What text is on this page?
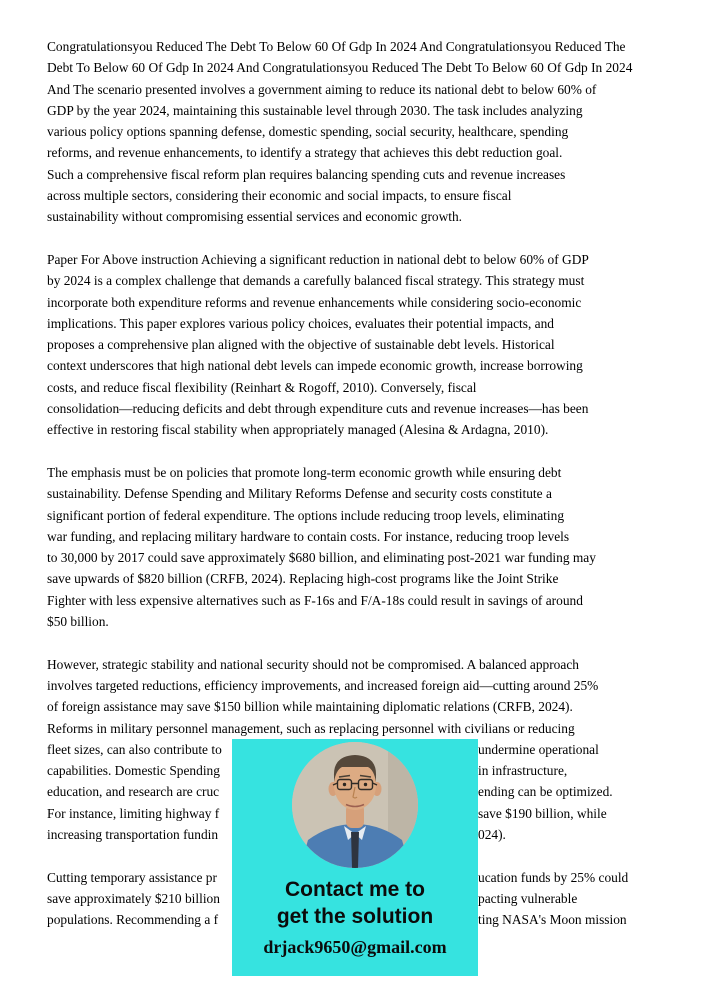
Congratulationsyou Reduced The Debt To Below 60 Of Gdp In 2024 And Congratulationsyou Reduced The
Debt To Below 60 Of Gdp In 2024 And Congratulationsyou Reduced The Debt To Below 60 Of Gdp In 2024
And The scenario presented involves a government aiming to reduce its national debt to below 60% of
GDP by the year 2024, maintaining this sustainable level through 2030. The task includes analyzing
various policy options spanning defense, domestic spending, social security, healthcare, spending
reforms, and revenue enhancements, to identify a strategy that achieves this debt reduction goal.
Such a comprehensive fiscal reform plan requires balancing spending cuts and revenue increases
across multiple sectors, considering their economic and social impacts, to ensure fiscal
sustainability without compromising essential services and economic growth.
Paper For Above instruction Achieving a significant reduction in national debt to below 60% of GDP
by 2024 is a complex challenge that demands a carefully balanced fiscal strategy. This strategy must
incorporate both expenditure reforms and revenue enhancements while considering socio-economic
implications. This paper explores various policy choices, evaluates their potential impacts, and
proposes a comprehensive plan aligned with the objective of sustainable debt levels. Historical
context underscores that high national debt levels can impede economic growth, increase borrowing
costs, and reduce fiscal flexibility (Reinhart & Rogoff, 2010). Conversely, fiscal
consolidation—reducing deficits and debt through expenditure cuts and revenue increases—has been
effective in restoring fiscal stability when appropriately managed (Alesina & Ardagna, 2010).
The emphasis must be on policies that promote long-term economic growth while ensuring debt
sustainability. Defense Spending and Military Reforms Defense and security costs constitute a
significant portion of federal expenditure. The options include reducing troop levels, eliminating
war funding, and replacing military hardware to contain costs. For instance, reducing troop levels
to 30,000 by 2017 could save approximately $680 billion, and eliminating post-2021 war funding may
save upwards of $820 billion (CRFB, 2024). Replacing high-cost programs like the Joint Strike
Fighter with less expensive alternatives such as F-16s and F/A-18s could result in savings of around
$50 billion.
However, strategic stability and national security should not be compromised. A balanced approach
involves targeted reductions, efficiency improvements, and increased foreign aid—cutting around 25%
of foreign assistance may save $150 billion while maintaining diplomatic relations (CRFB, 2024).
Reforms in military personnel management, such as replacing personnel with civilians or reducing
fleet sizes, can also contribute to	undermine operational
capabilities. Domestic Spending	in infrastructure,
education, and research are cruc	ending can be optimized.
For instance, limiting highway f	save $190 billion, while
increasing transportation fundin	024).
Cutting temporary assistance pr	ucation funds by 25% could
save approximately $210 billion	pacting vulnerable
populations. Recommending a f	ting NASA's Moon mission
Contact me to
get the solution
drjack9650@gmail.com
